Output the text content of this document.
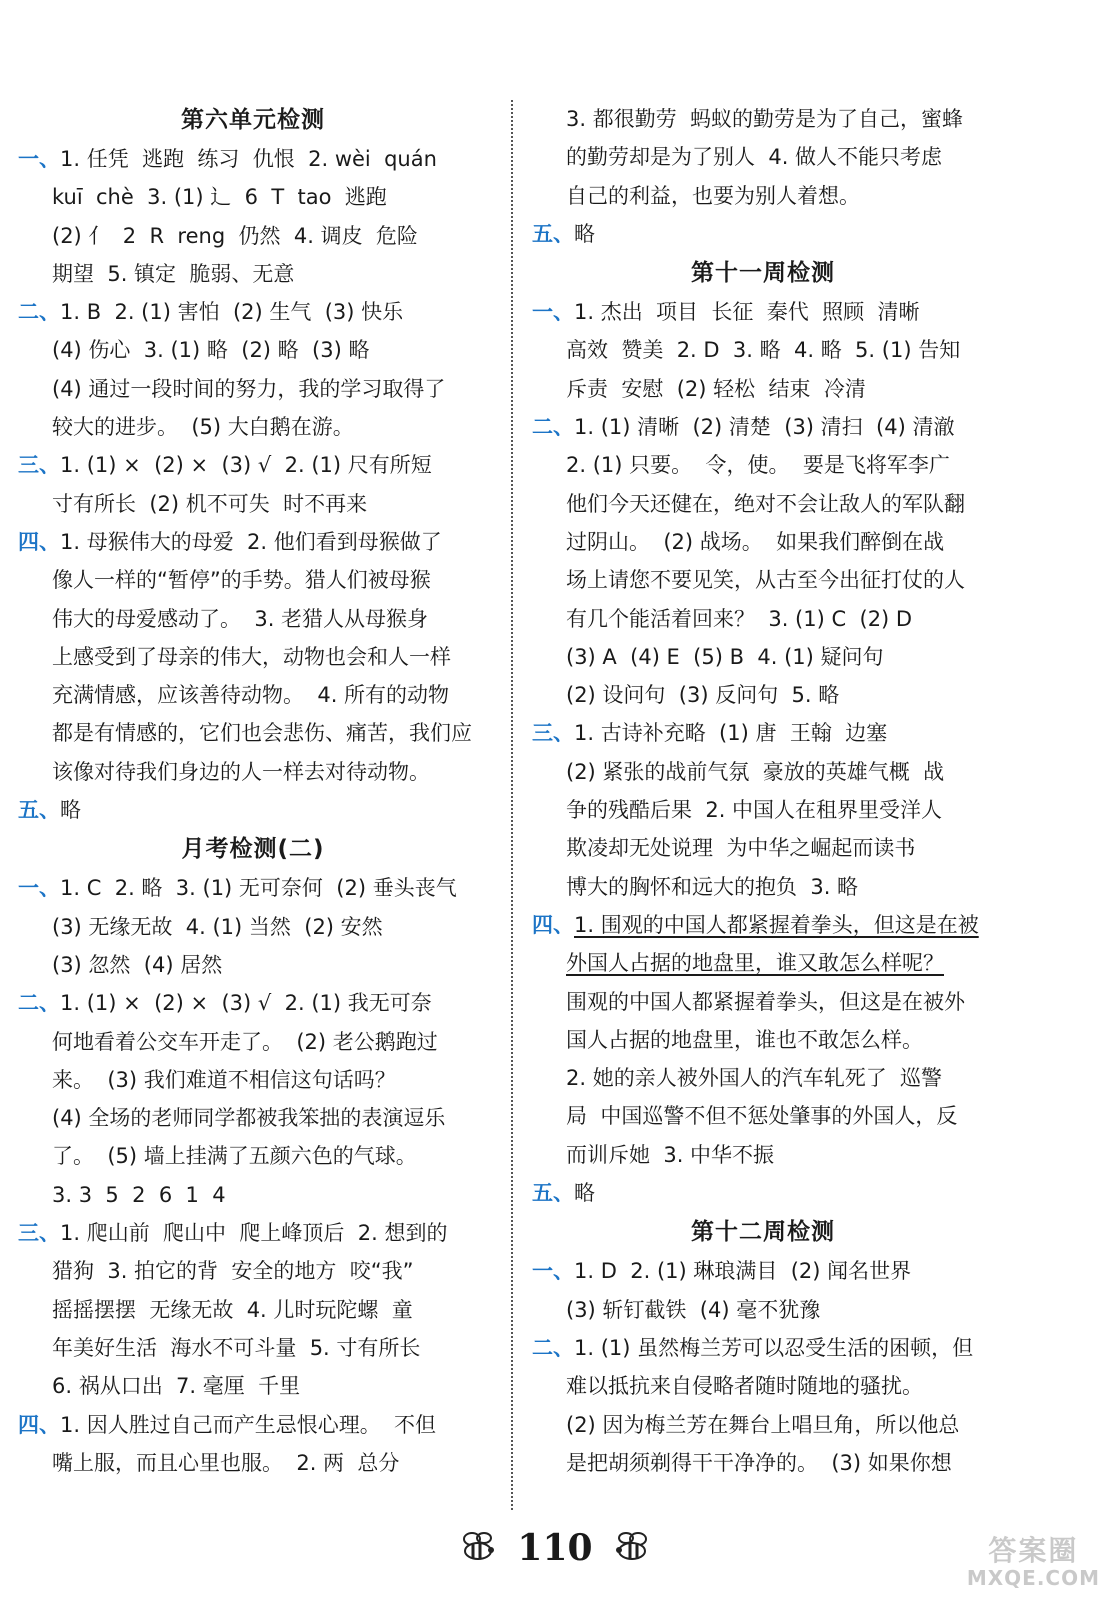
第六单元检测
一、1. 任凭  逃跑  练习  仇恨  2. wèi  quán
kuī  chè  3. (1) 辶  6  T  tao  逃跑
(2) 亻  2  R  reng  仍然  4. 调皮  危险
期望  5. 镇定  脆弱、无意
二、1. B  2. (1) 害怕  (2) 生气  (3) 快乐
(4) 伤心  3. (1) 略  (2) 略  (3) 略
(4) 通过一段时间的努力，我的学习取得了
较大的进步。  (5) 大白鹅在游。
三、1. (1) ×  (2) ×  (3) √  2. (1) 尺有所短
寸有所长  (2) 机不可失  时不再来
四、1. 母猴伟大的母爱  2. 他们看到母猴做了
像人一样的“暂停”的手势。猎人们被母猴
伟大的母爱感动了。  3. 老猎人从母猴身
上感受到了母亲的伟大，动物也会和人一样
充满情感，应该善待动物。  4. 所有的动物
都是有情感的，它们也会悲伤、痛苦，我们应
该像对待我们身边的人一样去对待动物。
五、略
月考检测(二)
一、1. C  2. 略  3. (1) 无可奈何  (2) 垂头丧气
(3) 无缘无故  4. (1) 当然  (2) 安然
(3) 忽然  (4) 居然
二、1. (1) ×  (2) ×  (3) √  2. (1) 我无可奈
何地看着公交车开走了。  (2) 老公鹅跑过
来。  (3) 我们难道不相信这句话吗？
(4) 全场的老师同学都被我笨拙的表演逗乐
了。  (5) 墙上挂满了五颜六色的气球。
3. 3  5  2  6  1  4
三、1. 爬山前  爬山中  爬上峰顶后  2. 想到的
猎狗  3. 拍它的背  安全的地方  咬“我”
摇摇摆摆  无缘无故  4. 儿时玩陀螺  童
年美好生活  海水不可斗量  5. 寸有所长
6. 祸从口出  7. 毫厘  千里
四、1. 因人胜过自己而产生忌恨心理。  不但
嘴上服，而且心里也服。  2. 两  总分
3. 都很勤劳  蚂蚁的勤劳是为了自己，蜜蜂
的勤劳却是为了别人  4. 做人不能只考虑
自己的利益，也要为别人着想。
五、略
第十一周检测
一、1. 杰出  项目  长征  秦代  照顾  清晰
高效  赞美  2. D  3. 略  4. 略  5. (1) 告知
斥责  安慰  (2) 轻松  结束  冷清
二、1. (1) 清晰  (2) 清楚  (3) 清扫  (4) 清澈
2. (1) 只要。  令，使。  要是飞将军李广
他们今天还健在，绝对不会让敌人的军队翻
过阴山。  (2) 战场。  如果我们醉倒在战
场上请您不要见笑，从古至今出征打仗的人
有几个能活着回来？  3. (1) C  (2) D
(3) A  (4) E  (5) B  4. (1) 疑问句
(2) 设问句  (3) 反问句  5. 略
三、1. 古诗补充略  (1) 唐  王翰  边塞
(2) 紧张的战前气氛  豪放的英雄气概  战
争的残酷后果  2. 中国人在租界里受洋人
欺凌却无处说理  为中华之崛起而读书
博大的胸怀和远大的抱负  3. 略
四、1. 围观的中国人都紧握着拳头，但这是在被
外国人占据的地盘里，谁又敢怎么样呢？
围观的中国人都紧握着拳头，但这是在被外
国人占据的地盘里，谁也不敢怎么样。
2. 她的亲人被外国人的汽车轧死了  巡警
局  中国巡警不但不惩处肇事的外国人，反
而训斥她  3. 中华不振
五、略
第十二周检测
一、1. D  2. (1) 琳琅满目  (2) 闻名世界
(3) 斩钉截铁  (4) 毫不犹豫
二、1. (1) 虽然梅兰芳可以忍受生活的困顿，但
难以抵抗来自侵略者随时随地的骚扰。
(2) 因为梅兰芳在舞台上唱旦角，所以他总
是把胡须剃得干干净净的。  (3) 如果你想
110	答案圈
MXQE.COM
